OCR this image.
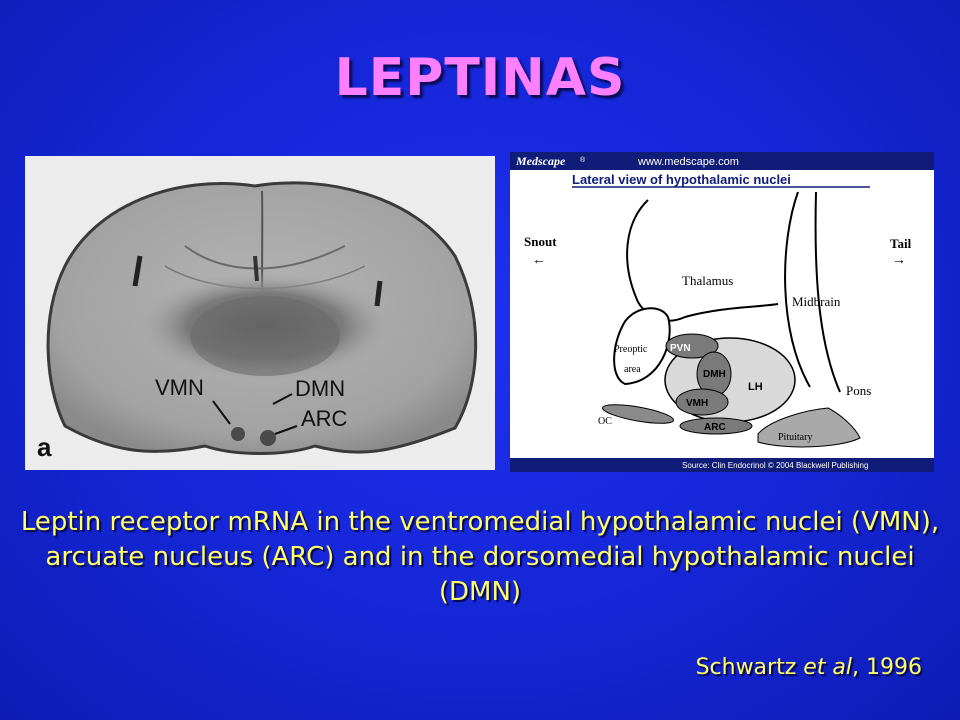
LEPTINAS
VMN	DMN
ARC
a
Medscape ®	www.medscape.com
Lateral view of hypothalamic nuclei
Snout
←
Tail
→
Thalamus
Midbrain
Preoptic
area
PVN
DMH
LH
VMH
ARC
OC
Pons
Pituitary
Source: Clin Endocrinol © 2004 Blackwell Publishing
Leptin receptor mRNA in the ventromedial hypothalamic nuclei (VMN), arcuate nucleus (ARC) and in the dorsomedial hypothalamic nuclei (DMN)
Schwartz et al, 1996
